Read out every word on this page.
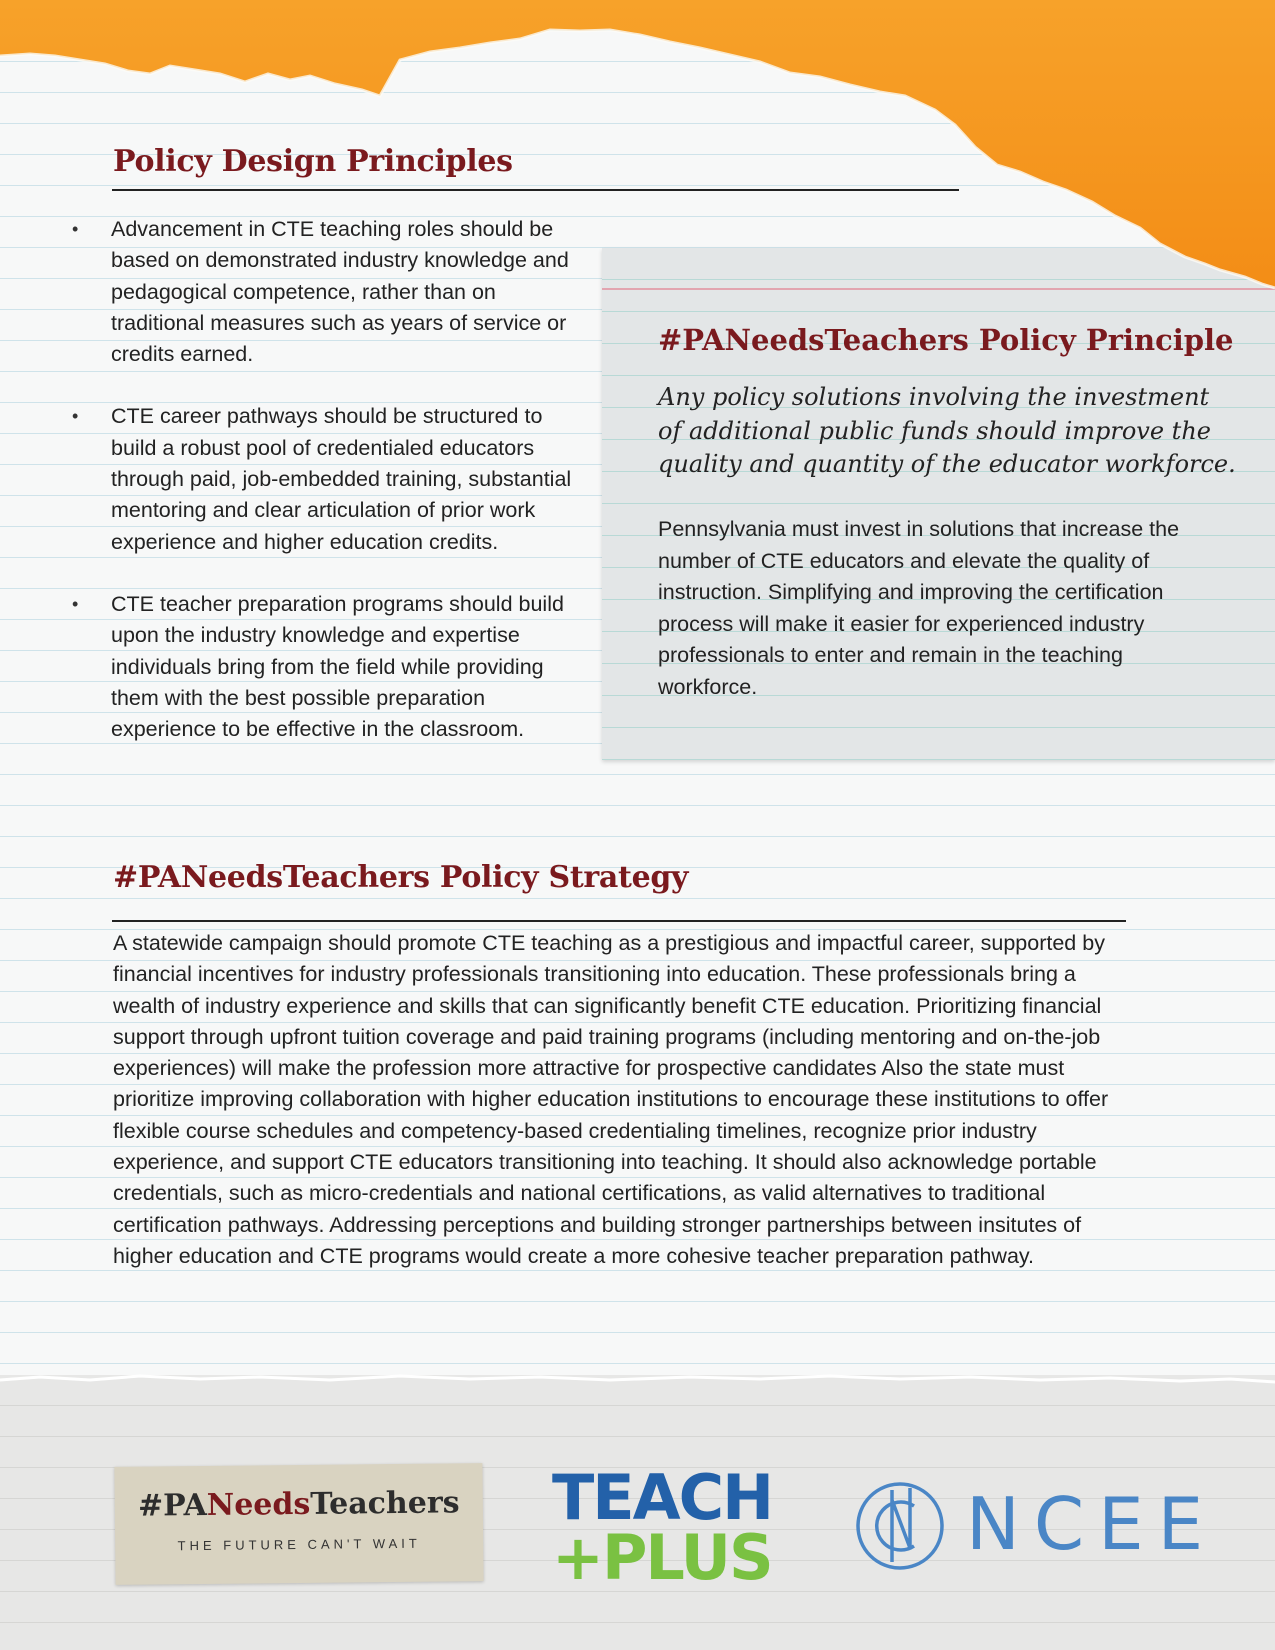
Policy Design Principles
• Advancement in CTE teaching roles should be based on demonstrated industry knowledge and pedagogical competence, rather than on traditional measures such as years of service or credits earned.
• CTE career pathways should be structured to build a robust pool of credentialed educators through paid, job-embedded training, substantial mentoring and clear articulation of prior work experience and higher education credits.
• CTE teacher preparation programs should build upon the industry knowledge and expertise individuals bring from the field while providing them with the best possible preparation experience to be effective in the classroom.
#PANeedsTeachers Policy Principle

Any policy solutions involving the investment of additional public funds should improve the quality and quantity of the educator workforce.

Pennsylvania must invest in solutions that increase the number of CTE educators and elevate the quality of instruction. Simplifying and improving the certification process will make it easier for experienced industry professionals to enter and remain in the teaching workforce.

#PANeedsTeachers Policy Strategy

A statewide campaign should promote CTE teaching as a prestigious and impactful career, supported by financial incentives for industry professionals transitioning into education. These professionals bring a wealth of industry experience and skills that can significantly benefit CTE education. Prioritizing financial support through upfront tuition coverage and paid training programs (including mentoring and on-the-job experiences) will make the profession more attractive for prospective candidates Also the state must prioritize improving collaboration with higher education institutions to encourage these institutions to offer flexible course schedules and competency-based credentialing timelines, recognize prior industry experience, and support CTE educators transitioning into teaching. It should also acknowledge portable credentials, such as micro-credentials and national certifications, as valid alternatives to traditional certification pathways. Addressing perceptions and building stronger partnerships between insitutes of higher education and CTE programs would create a more cohesive teacher preparation pathway.

#PANeedsTeachers
THE FUTURE CAN'T WAIT
TEACH
+PLUS	NCEE
